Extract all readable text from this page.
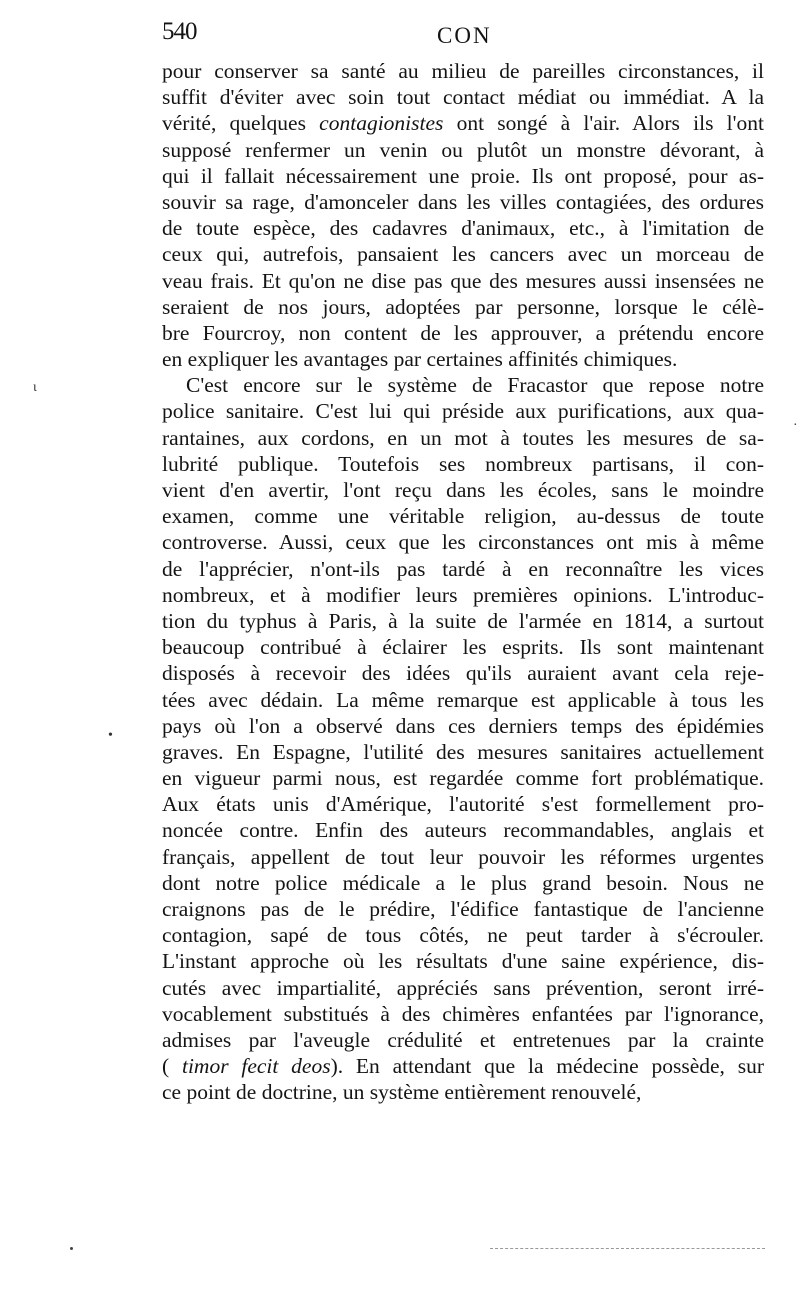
540	CON
pour conserver sa santé au milieu de pareilles circonstances, il
suffit d'éviter avec soin tout contact médiat ou immédiat. A la
vérité, quelques contagionistes ont songé à l'air. Alors ils l'ont
supposé renfermer un venin ou plutôt un monstre dévorant, à
qui il fallait nécessairement une proie. Ils ont proposé, pour as-
souvir sa rage, d'amonceler dans les villes contagiées, des ordures
de toute espèce, des cadavres d'animaux, etc., à l'imitation de
ceux qui, autrefois, pansaient les cancers avec un morceau de
veau frais. Et qu'on ne dise pas que des mesures aussi insensées ne
seraient de nos jours, adoptées par personne, lorsque le célè-
bre Fourcroy, non content de les approuver, a prétendu encore
en expliquer les avantages par certaines affinités chimiques.
C'est encore sur le système de Fracastor que repose notre
police sanitaire. C'est lui qui préside aux purifications, aux qua-
rantaines, aux cordons, en un mot à toutes les mesures de sa-
lubrité publique. Toutefois ses nombreux partisans, il con-
vient d'en avertir, l'ont reçu dans les écoles, sans le moindre
examen, comme une véritable religion, au-dessus de toute
controverse. Aussi, ceux que les circonstances ont mis à même
de l'apprécier, n'ont-ils pas tardé à en reconnaître les vices
nombreux, et à modifier leurs premières opinions. L'introduc-
tion du typhus à Paris, à la suite de l'armée en 1814, a surtout
beaucoup contribué à éclairer les esprits. Ils sont maintenant
disposés à recevoir des idées qu'ils auraient avant cela reje-
tées avec dédain. La même remarque est applicable à tous les
pays où l'on a observé dans ces derniers temps des épidémies
graves. En Espagne, l'utilité des mesures sanitaires actuellement
en vigueur parmi nous, est regardée comme fort problématique.
Aux états unis d'Amérique, l'autorité s'est formellement pro-
noncée contre. Enfin des auteurs recommandables, anglais et
français, appellent de tout leur pouvoir les réformes urgentes
dont notre police médicale a le plus grand besoin. Nous ne
craignons pas de le prédire, l'édifice fantastique de l'ancienne
contagion, sapé de tous côtés, ne peut tarder à s'écrouler.
L'instant approche où les résultats d'une saine expérience, dis-
cutés avec impartialité, appréciés sans prévention, seront irré-
vocablement substitués à des chimères enfantées par l'ignorance,
admises par l'aveugle crédulité et entretenues par la crainte
( timor fecit deos). En attendant que la médecine possède, sur
ce point de doctrine, un système entièrement renouvelé,
ι
•
·
